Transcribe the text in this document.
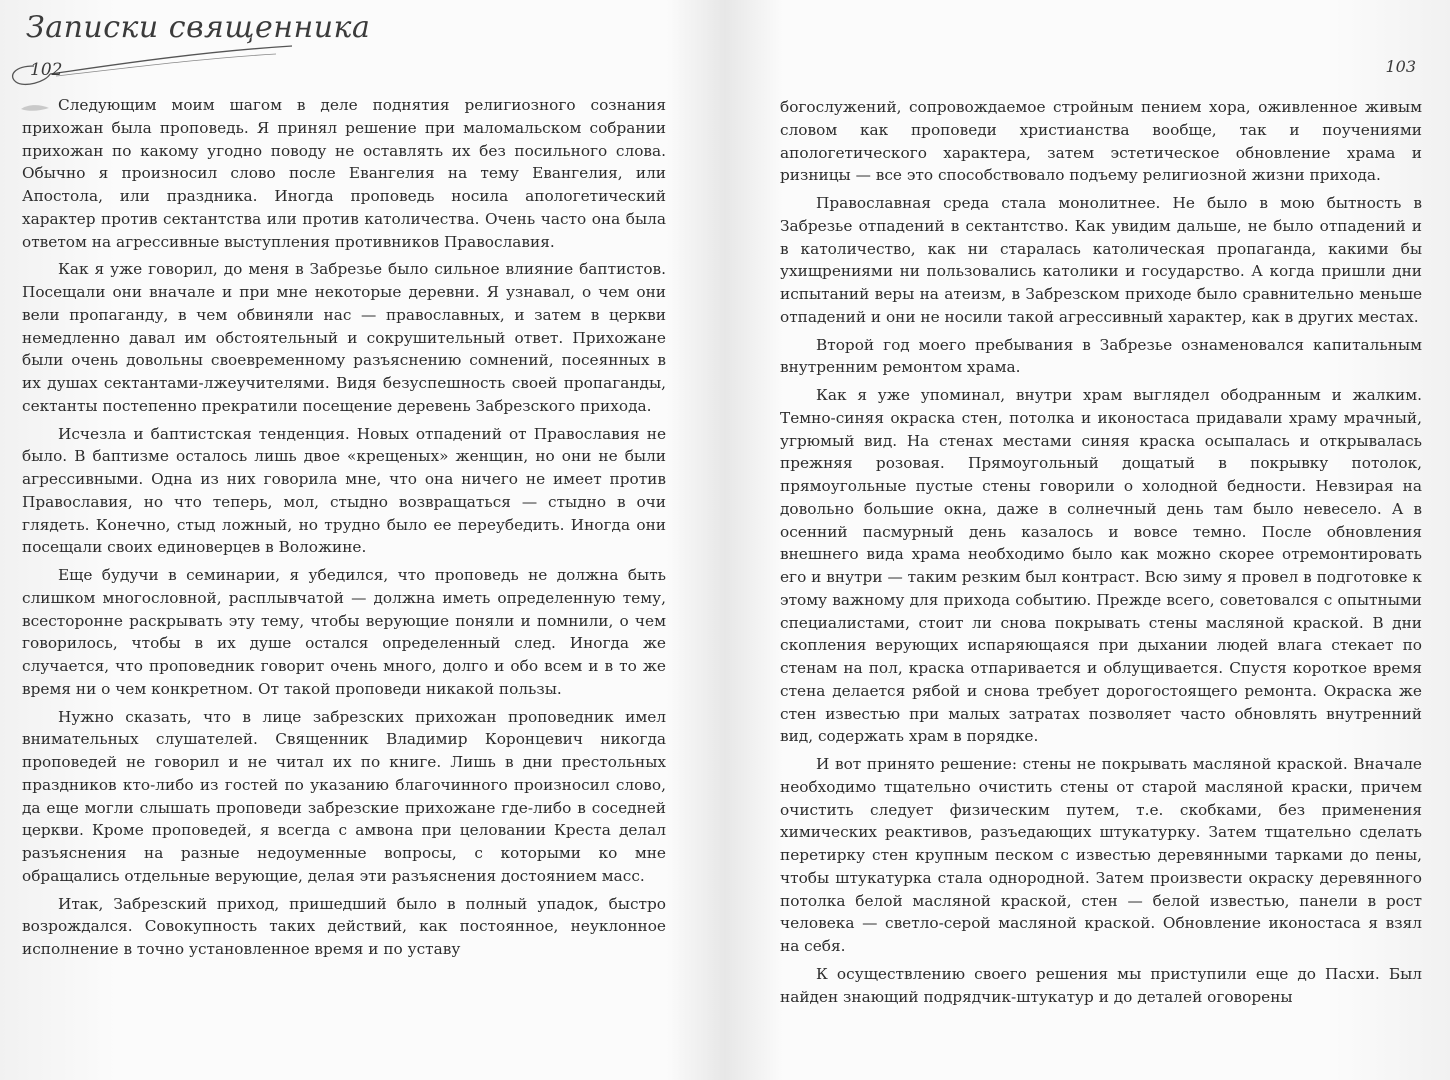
Записки священника
102

Следующим моим шагом в деле поднятия религиозного сознания прихожан была проповедь. Я принял решение при маломальском собрании прихожан по какому угодно поводу не оставлять их без посильного слова. Обычно я произносил слово после Евангелия на тему Евангелия, или Апостола, или праздника. Иногда проповедь носила апологетический характер против сектантства или против католичества. Очень часто она была ответом на агрессивные выступления противников Православия.

Как я уже говорил, до меня в Забрезье было сильное влияние баптистов. Посещали они вначале и при мне некоторые деревни. Я узнавал, о чем они вели пропаганду, в чем обвиняли нас — православных, и затем в церкви немедленно давал им обстоятельный и сокрушительный ответ. Прихожане были очень довольны своевременному разъяснению сомнений, посеянных в их душах сектантами-лжеучителями. Видя безуспешность своей пропаганды, сектанты постепенно прекратили посещение деревень Забрезского прихода.

Исчезла и баптистская тенденция. Новых отпадений от Православия не было. В баптизме осталось лишь двое «крещеных» женщин, но они не были агрессивными. Одна из них говорила мне, что она ничего не имеет против Православия, но что теперь, мол, стыдно возвращаться — стыдно в очи глядеть. Конечно, стыд ложный, но трудно было ее переубедить. Иногда они посещали своих единоверцев в Воложине.

Еще будучи в семинарии, я убедился, что проповедь не должна быть слишком многословной, расплывчатой — должна иметь определенную тему, всесторонне раскрывать эту тему, чтобы верующие поняли и помнили, о чем говорилось, чтобы в их душе остался определенный след. Иногда же случается, что проповедник говорит очень много, долго и обо всем и в то же время ни о чем конкретном. От такой проповеди никакой пользы.

Нужно сказать, что в лице забрезских прихожан проповедник имел внимательных слушателей. Священник Владимир Коронцевич никогда проповедей не говорил и не читал их по книге. Лишь в дни престольных праздников кто-либо из гостей по указанию благочинного произносил слово, да еще могли слышать проповеди забрезские прихожане где-либо в соседней церкви. Кроме проповедей, я всегда с амвона при целовании Креста делал разъяснения на разные недоуменные вопросы, с которыми ко мне обращались отдельные верующие, делая эти разъяснения достоянием масс.

Итак, Забрезский приход, пришедший было в полный упадок, быстро возрождался. Совокупность таких действий, как постоянное, неуклонное исполнение в точно установленное время и по уставу

103

богослужений, сопровождаемое стройным пением хора, оживленное живым словом как проповеди христианства вообще, так и поучениями апологетического характера, затем эстетическое обновление храма и ризницы — все это способствовало подъему религиозной жизни прихода.

Православная среда стала монолитнее. Не было в мою бытность в Забрезье отпадений в сектантство. Как увидим дальше, не было отпадений и в католичество, как ни старалась католическая пропаганда, какими бы ухищрениями ни пользовались католики и государство. А когда пришли дни испытаний веры на атеизм, в Забрезском приходе было сравнительно меньше отпадений и они не носили такой агрессивный характер, как в других местах.

Второй год моего пребывания в Забрезье ознаменовался капитальным внутренним ремонтом храма.

Как я уже упоминал, внутри храм выглядел ободранным и жалким. Темно-синяя окраска стен, потолка и иконостаса придавали храму мрачный, угрюмый вид. На стенах местами синяя краска осыпалась и открывалась прежняя розовая. Прямоугольный дощатый в покрывку потолок, прямоугольные пустые стены говорили о холодной бедности. Невзирая на довольно большие окна, даже в солнечный день там было невесело. А в осенний пасмурный день казалось и вовсе темно. После обновления внешнего вида храма необходимо было как можно скорее отремонтировать его и внутри — таким резким был контраст. Всю зиму я провел в подготовке к этому важному для прихода событию. Прежде всего, советовался с опытными специалистами, стоит ли снова покрывать стены масляной краской. В дни скопления верующих испаряющаяся при дыхании людей влага стекает по стенам на пол, краска отпаривается и облущивается. Спустя короткое время стена делается рябой и снова требует дорогостоящего ремонта. Окраска же стен известью при малых затратах позволяет часто обновлять внутренний вид, содержать храм в порядке.

И вот принято решение: стены не покрывать масляной краской. Вначале необходимо тщательно очистить стены от старой масляной краски, причем очистить следует физическим путем, т.е. скобками, без применения химических реактивов, разъедающих штукатурку. Затем тщательно сделать перетирку стен крупным песком с известью деревянными тарками до пены, чтобы штукатурка стала однородной. Затем произвести окраску деревянного потолка белой масляной краской, стен — белой известью, панели в рост человека — светло-серой масляной краской. Обновление иконостаса я взял на себя.

К осуществлению своего решения мы приступили еще до Пасхи. Был найден знающий подрядчик-штукатур и до деталей оговорены
